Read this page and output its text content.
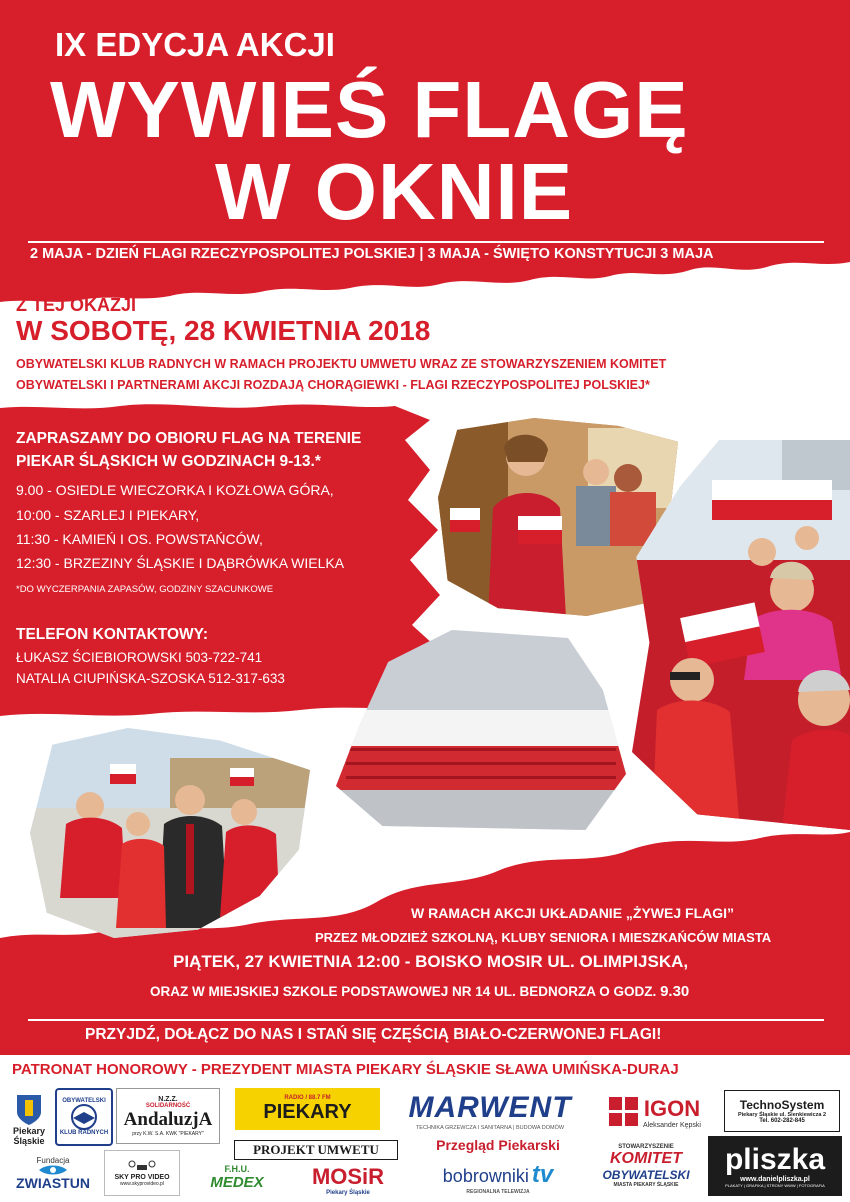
IX EDYCJA AKCJI
WYWIEŚ FLAGĘ
W OKNIE
2 MAJA - DZIEŃ FLAGI RZECZYPOSPOLITEJ POLSKIEJ | 3 MAJA - ŚWIĘTO KONSTYTUCJI 3 MAJA
Z TEJ OKAZJI
W SOBOTĘ, 28 KWIETNIA 2018
OBYWATELSKI KLUB RADNYCH W RAMACH PROJEKTU UMWETU WRAZ ZE STOWARZYSZENIEM KOMITET
OBYWATELSKI I PARTNERAMI AKCJI ROZDAJĄ CHORĄGIEWKI - FLAGI RZECZYPOSPOLITEJ POLSKIEJ*
ZAPRASZAMY DO OBIORU FLAG NA TERENIE
PIEKAR ŚLĄSKICH W GODZINACH 9-13.*
9.00 - OSIEDLE WIECZORKA I KOZŁOWA GÓRA,
10:00 - SZARLEJ I PIEKARY,
11:30 - KAMIEŃ I OS. POWSTAŃCÓW,
12:30 - BRZEZINY ŚLĄSKIE I DĄBRÓWKA WIELKA
*DO WYCZERPANIA ZAPASÓW, GODZINY SZACUNKOWE
TELEFON KONTAKTOWY:
ŁUKASZ ŚCIEBIOROWSKI 503-722-741
NATALIA CIUPIŃSKA-SZOSKA 512-317-633
W RAMACH AKCJI UKŁADANIE „ŻYWEJ FLAGI”
PRZEZ MŁODZIEŻ SZKOLNĄ, KLUBY SENIORA I MIESZKAŃCÓW MIASTA
PIĄTEK, 27 KWIETNIA 12:00 - BOISKO MOSIR UL. OLIMPIJSKA,
ORAZ W MIEJSKIEJ SZKOLE PODSTAWOWEJ NR 14 UL. BEDNORZA O GODZ. 9.30
PRZYJDŹ, DOŁĄCZ DO NAS I STAŃ SIĘ CZĘŚCIĄ BIAŁO-CZERWONEJ FLAGI!
PATRONAT HONOROWY - PREZYDENT MIASTA PIEKARY ŚLĄSKIE SŁAWA UMIŃSKA-DURAJ
Piekary Śląskie
OBYWATELSKI
KLUB RADNYCH
N.Z.Z.
SOLIDARNOŚĆ
AndaluzjA
przy K.W. S.A. KWK "PIEKARY"
RADIO / 88.7 FM
PIEKARY MARWENT
TECHNIKA GRZEWCZA I SANITARNA | BUDOWA DOMÓW
IGON
Aleksander Kępski
TechnoSystem
Piekary Śląskie ul. Sienkiewicza 2
Tel. 602-282-845
Fundacja
ZWIASTUN	SKY PRO VIDEO
www.skyprovideo.pl
F.H.U.
MEDEX
PROJEKT UMWETU
MOSiR
Piekary Śląskie
Przegląd Piekarski
bobrowniki tv
REGIONALNA TELEWIZJA
STOWARZYSZENIE
KOMITET
OBYWATELSKI
MIASTA PIEKARY ŚLĄSKIE
pliszka
www.danielpliszka.pl
PLAKATY | GRAFIKA | STRONY WWW | FOTOGRAFIA
